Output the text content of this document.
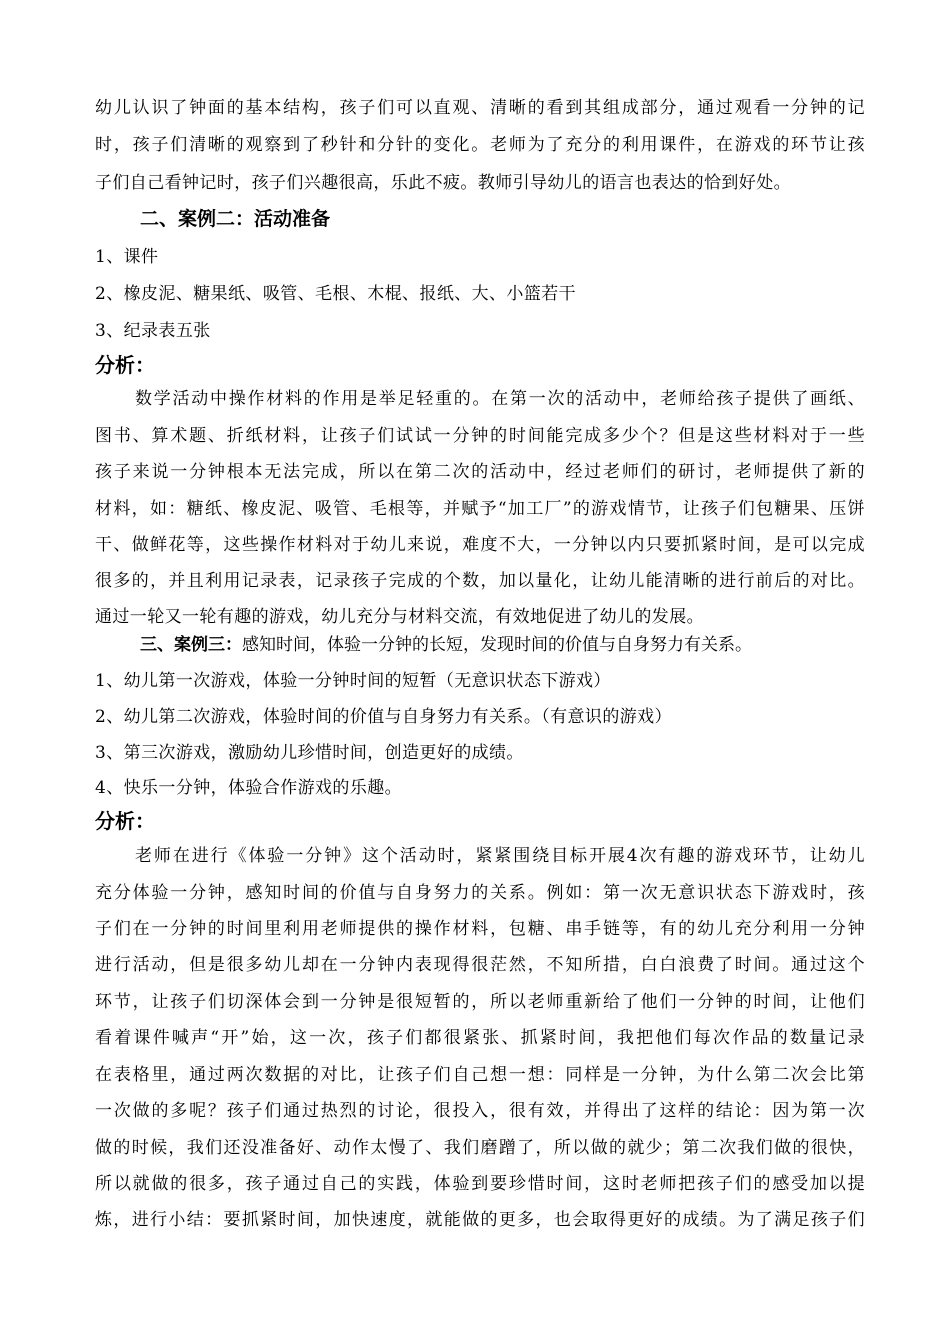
幼儿认识了钟面的基本结构，孩子们可以直观、清晰的看到其组成部分，通过观看一分钟的记
时，孩子们清晰的观察到了秒针和分针的变化。老师为了充分的利用课件，在游戏的环节让孩
子们自己看钟记时，孩子们兴趣很高，乐此不疲。教师引导幼儿的语言也表达的恰到好处。
二、案例二：活动准备
1、课件
2、橡皮泥、糖果纸、吸管、毛根、木棍、报纸、大、小篮若干
3、纪录表五张
分析：
数学活动中操作材料的作用是举足轻重的。在第一次的活动中，老师给孩子提供了画纸、
图书、算术题、折纸材料，让孩子们试试一分钟的时间能完成多少个？但是这些材料对于一些
孩子来说一分钟根本无法完成，所以在第二次的活动中，经过老师们的研讨，老师提供了新的
材料，如：糖纸、橡皮泥、吸管、毛根等，并赋予“加工厂”的游戏情节，让孩子们包糖果、压饼
干、做鲜花等，这些操作材料对于幼儿来说，难度不大，一分钟以内只要抓紧时间，是可以完成
很多的，并且利用记录表，记录孩子完成的个数，加以量化，让幼儿能清晰的进行前后的对比。
通过一轮又一轮有趣的游戏，幼儿充分与材料交流，有效地促进了幼儿的发展。
三、案例三：感知时间，体验一分钟的长短，发现时间的价值与自身努力有关系。
1、幼儿第一次游戏，体验一分钟时间的短暂（无意识状态下游戏）
2、幼儿第二次游戏，体验时间的价值与自身努力有关系。（有意识的游戏）
3、第三次游戏，激励幼儿珍惜时间，创造更好的成绩。
4、快乐一分钟，体验合作游戏的乐趣。
分析：
老师在进行《体验一分钟》这个活动时，紧紧围绕目标开展4次有趣的游戏环节，让幼儿
充分体验一分钟，感知时间的价值与自身努力的关系。例如：第一次无意识状态下游戏时，孩
子们在一分钟的时间里利用老师提供的操作材料，包糖、串手链等，有的幼儿充分利用一分钟
进行活动，但是很多幼儿却在一分钟内表现得很茫然，不知所措，白白浪费了时间。通过这个
环节，让孩子们切深体会到一分钟是很短暂的，所以老师重新给了他们一分钟的时间，让他们
看着课件喊声“开”始，这一次，孩子们都很紧张、抓紧时间，我把他们每次作品的数量记录
在表格里，通过两次数据的对比，让孩子们自己想一想：同样是一分钟，为什么第二次会比第
一次做的多呢？孩子们通过热烈的讨论，很投入，很有效，并得出了这样的结论：因为第一次
做的时候，我们还没准备好、动作太慢了、我们磨蹭了，所以做的就少；第二次我们做的很快，
所以就做的很多，孩子通过自己的实践，体验到要珍惜时间，这时老师把孩子们的感受加以提
炼，进行小结：要抓紧时间，加快速度，就能做的更多，也会取得更好的成绩。为了满足孩子们
